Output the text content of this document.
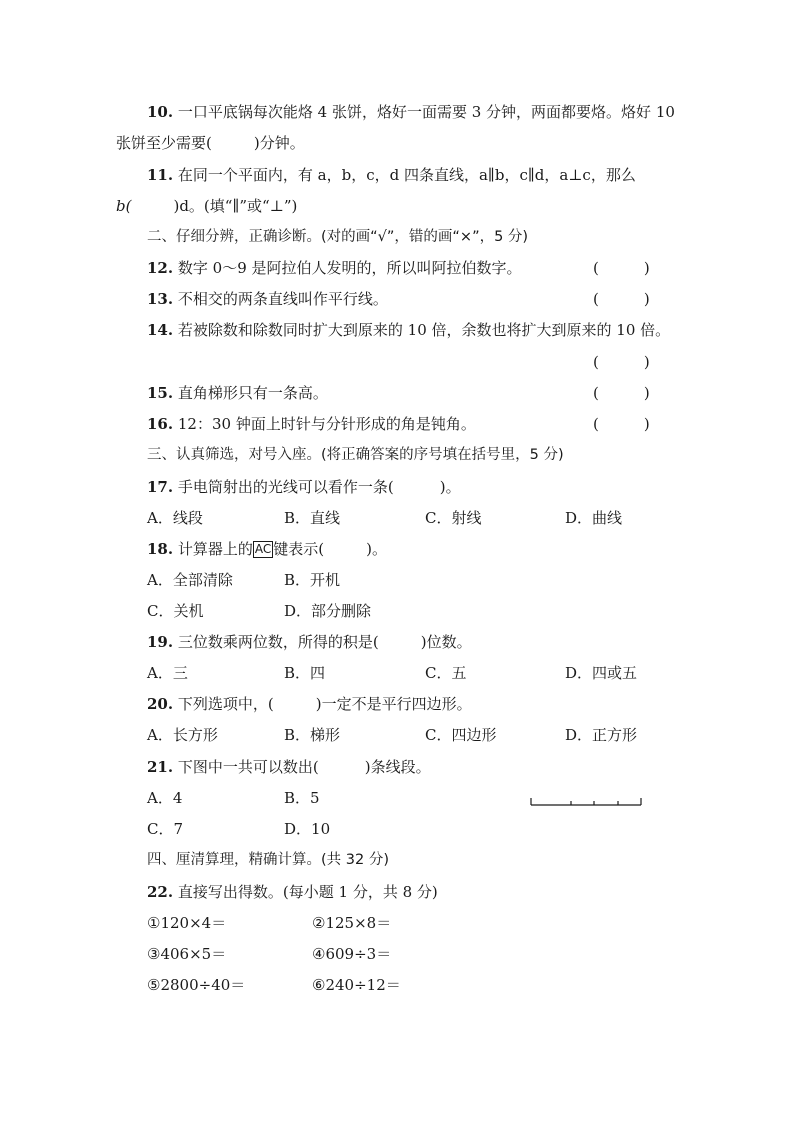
10. 一口平底锅每次能烙 4 张饼，烙好一面需要 3 分钟，两面都要烙。烙好 10
张饼至少需要(	)分钟。
11. 在同一个平面内，有 a，b，c，d 四条直线，a∥b，c∥d，a⊥c，那么
b(	)d。(填“∥”或“⊥”)
二、仔细分辨，正确诊断。(对的画“√”，错的画“×”，5 分)
12. 数字 0～9 是阿拉伯人发明的，所以叫阿拉伯数字。	(　　　)
13. 不相交的两条直线叫作平行线。	(　　　)
14. 若被除数和除数同时扩大到原来的 10 倍，余数也将扩大到原来的 10 倍。
(　　　)
15. 直角梯形只有一条高。	(　　　)
16. 12：30 钟面上时针与分针形成的角是钝角。	(　　　)
三、认真筛选，对号入座。(将正确答案的序号填在括号里，5 分)
17. 手电筒射出的光线可以看作一条(	)。
A．线段	B．直线	C．射线	D．曲线
18. 计算器上的 AC 键表示(	)。
A．全部清除	B．开机
C．关机	D．部分删除
19. 三位数乘两位数，所得的积是(	)位数。
A．三	B．四	C．五	D．四或五
20. 下列选项中，(	)一定不是平行四边形。
A．长方形	B．梯形	C．四边形	D．正方形
21. 下图中一共可以数出(	)条线段。
A．4	B．5
C．7	D．10
四、厘清算理，精确计算。(共 32 分)
22. 直接写出得数。(每小题 1 分，共 8 分)
①120×4＝	②125×8＝
③406×5＝	④609÷3＝
⑤2800÷40＝	⑥240÷12＝
